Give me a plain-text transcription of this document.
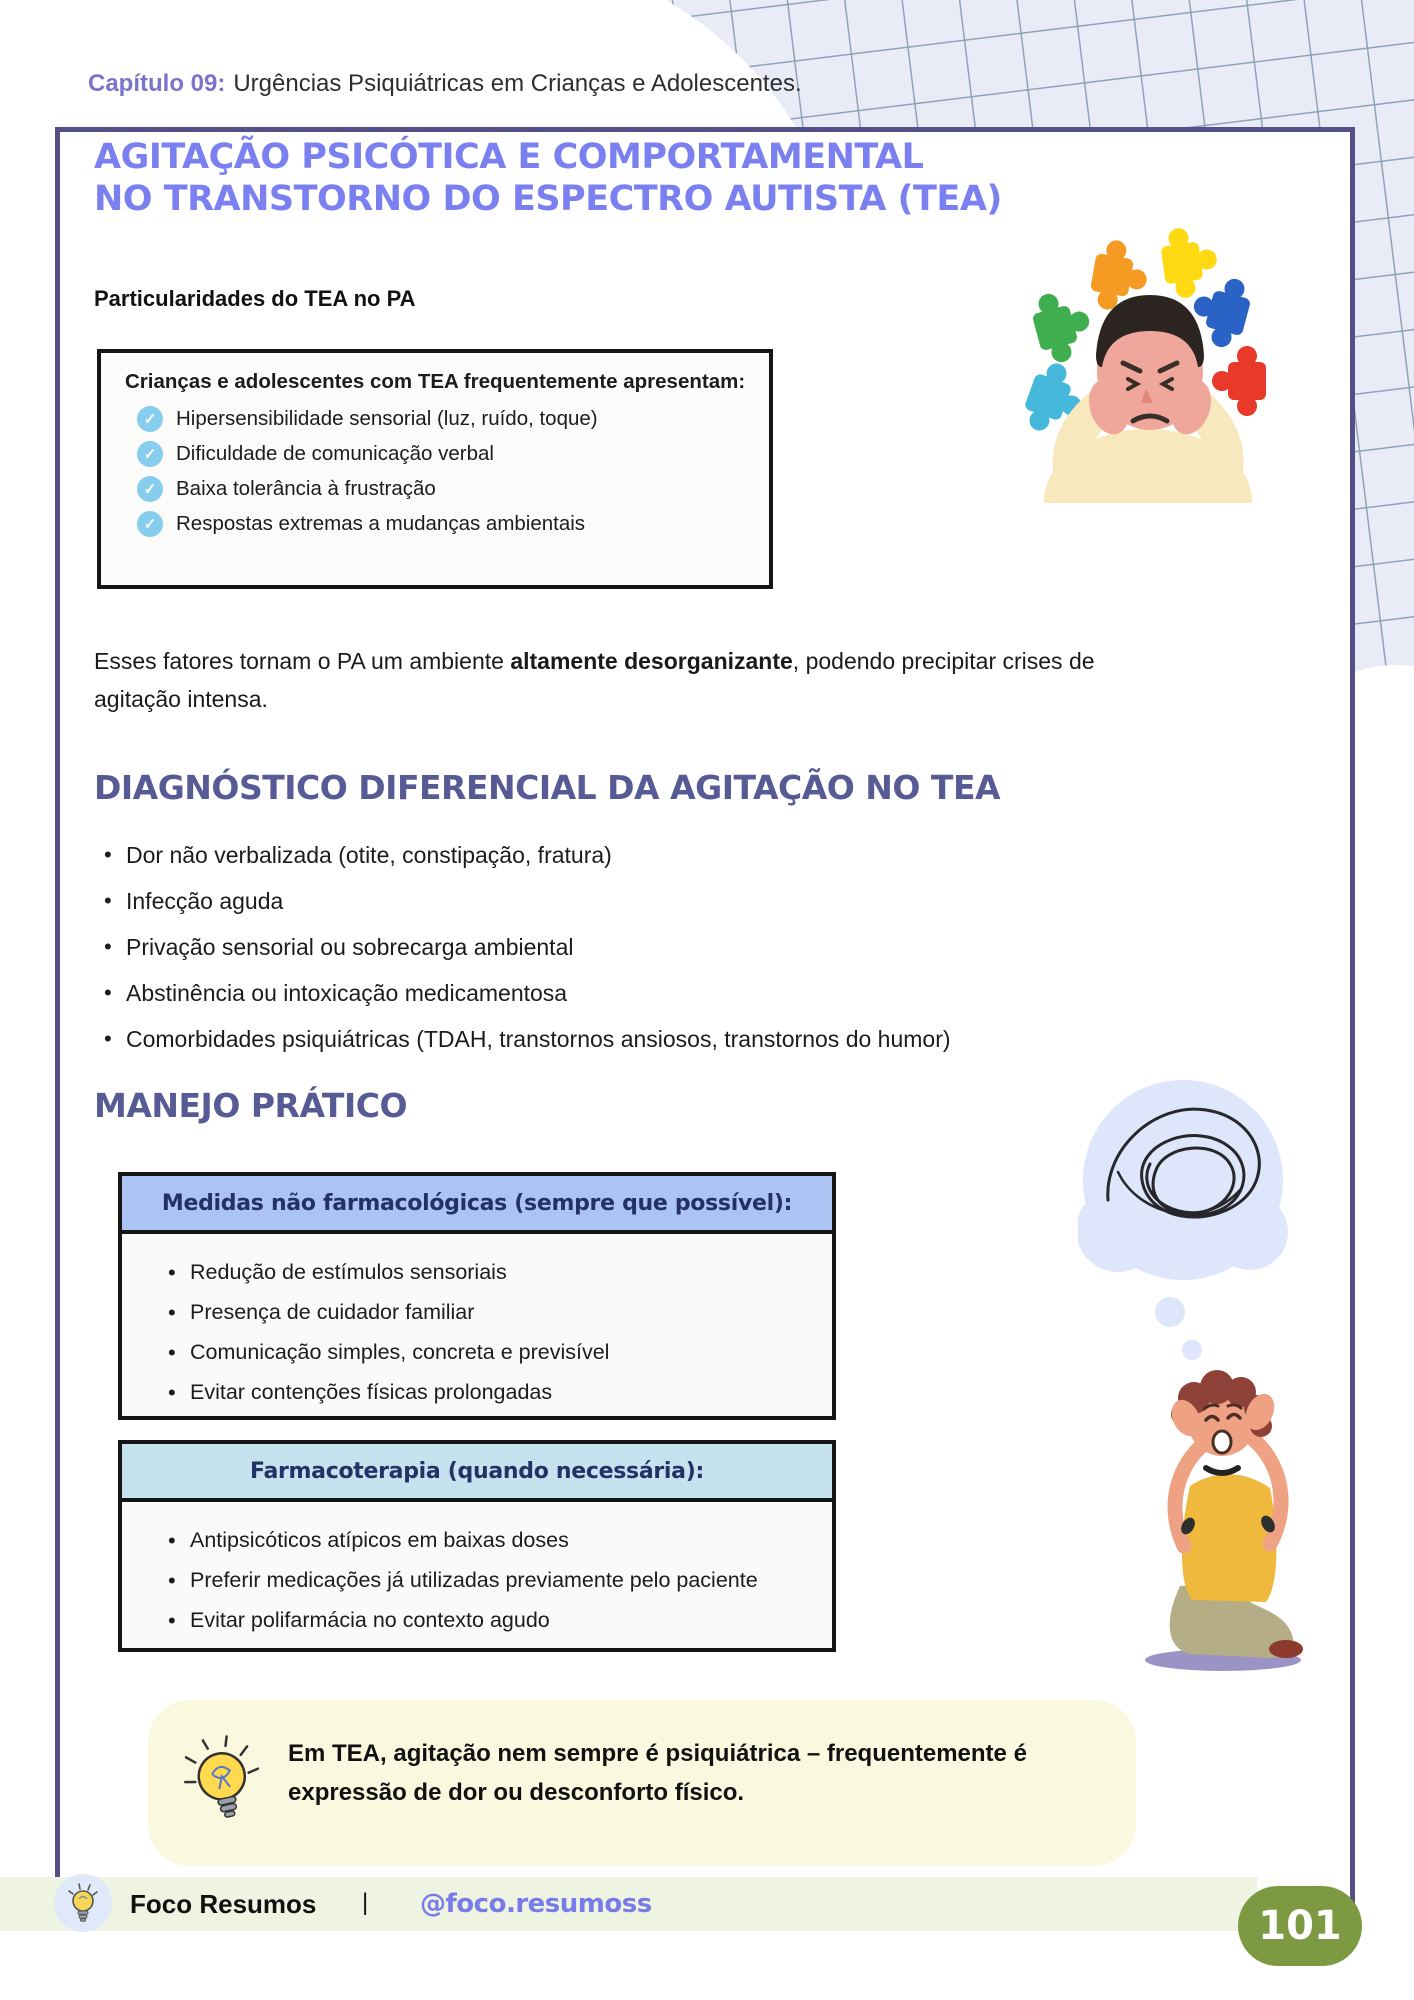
Capítulo 09: Urgências Psiquiátricas em Crianças e Adolescentes.
AGITAÇÃO PSICÓTICA E COMPORTAMENTAL
NO TRANSTORNO DO ESPECTRO AUTISTA (TEA)
Particularidades do TEA no PA
Crianças e adolescentes com TEA frequentemente apresentam:
✓ Hipersensibilidade sensorial (luz, ruído, toque)
✓ Dificuldade de comunicação verbal
✓ Baixa tolerância à frustração
✓ Respostas extremas a mudanças ambientais
Esses fatores tornam o PA um ambiente altamente desorganizante, podendo precipitar crises de agitação intensa.
DIAGNÓSTICO DIFERENCIAL DA AGITAÇÃO NO TEA
• Dor não verbalizada (otite, constipação, fratura)
• Infecção aguda
• Privação sensorial ou sobrecarga ambiental
• Abstinência ou intoxicação medicamentosa
• Comorbidades psiquiátricas (TDAH, transtornos ansiosos, transtornos do humor)
MANEJO PRÁTICO
Medidas não farmacológicas (sempre que possível):
• Redução de estímulos sensoriais
• Presença de cuidador familiar
• Comunicação simples, concreta e previsível
• Evitar contenções físicas prolongadas
Farmacoterapia (quando necessária):
• Antipsicóticos atípicos em baixas doses
• Preferir medicações já utilizadas previamente pelo paciente
• Evitar polifarmácia no contexto agudo
Em TEA, agitação nem sempre é psiquiátrica – frequentemente é expressão de dor ou desconforto físico.
Foco Resumos | @foco.resumoss	101
